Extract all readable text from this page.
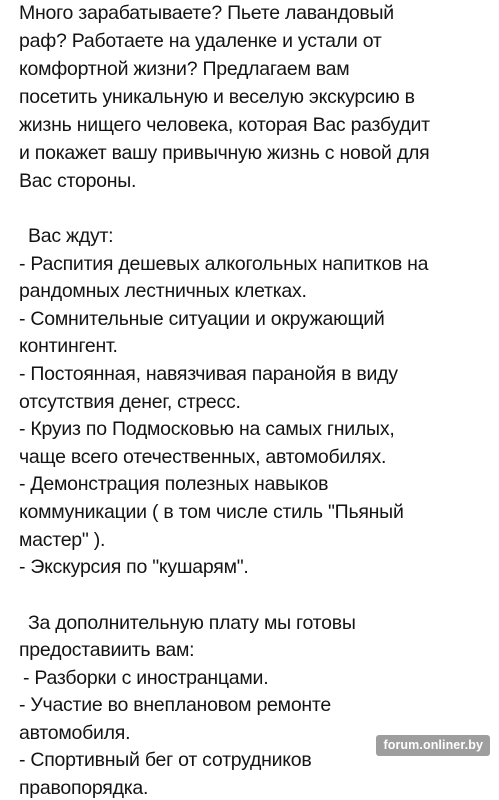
Много зарабатываете? Пьете лавандовый
раф? Работаете на удаленке и устали от
комфортной жизни? Предлагаем вам
посетить уникальную и веселую экскурсию в
жизнь нищего человека, которая Вас разбудит
и покажет вашу привычную жизнь с новой для
Вас стороны.
Вас ждут:
- Распития дешевых алкогольных напитков на
рандомных лестничных клетках.
- Сомнительные ситуации и окружающий
контингент.
- Постоянная, навязчивая паранойя в виду
отсутствия денег, стресс.
- Круиз по Подмосковью на самых гнилых,
чаще всего отечественных, автомобилях.
- Демонстрация полезных навыков
коммуникации ( в том числе стиль "Пьяный
мастер" ).
- Экскурсия по "кушарям".
За дополнительную плату мы готовы
предоставиить вам:
- Разборки с иностранцами.
- Участие во внеплановом ремонте
автомобиля.
- Спортивный бег от сотрудников
правопорядка.
forum.onliner.by
